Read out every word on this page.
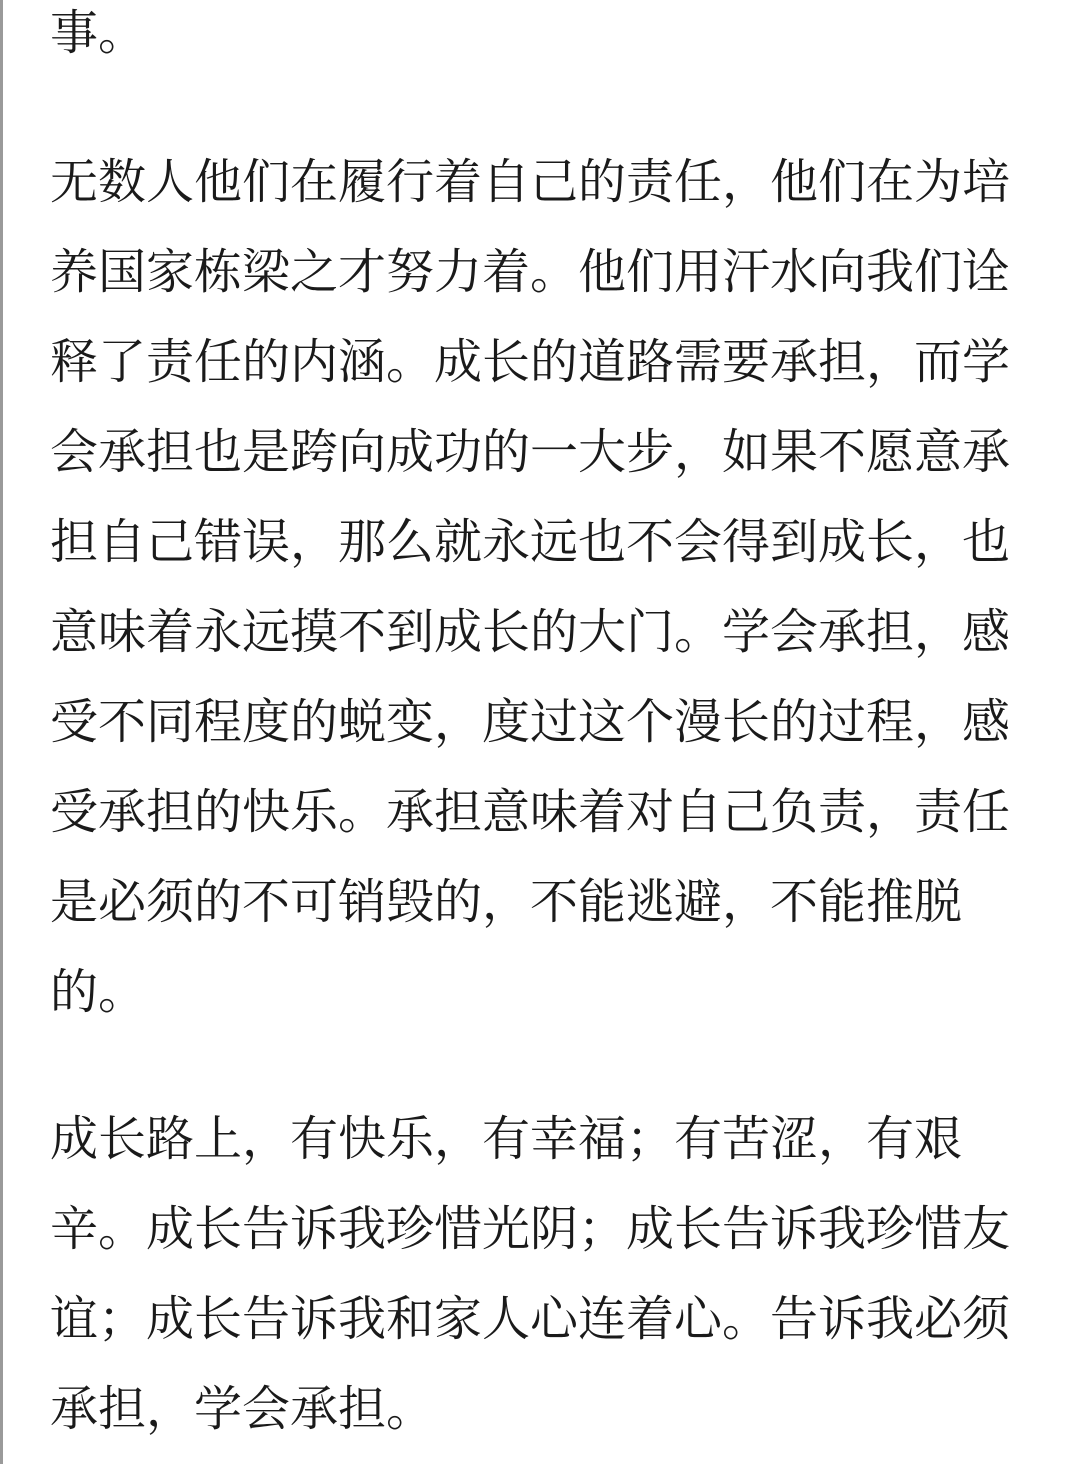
事。

无数人他们在履行着自己的责任，他们在为培养国家栋梁之才努力着。他们用汗水向我们诠释了责任的内涵。成长的道路需要承担，而学会承担也是跨向成功的一大步，如果不愿意承担自己错误，那么就永远也不会得到成长，也意味着永远摸不到成长的大门。学会承担，感受不同程度的蜕变，度过这个漫长的过程，感受承担的快乐。承担意味着对自己负责，责任是必须的不可销毁的，不能逃避，不能推脱的。

成长路上，有快乐，有幸福；有苦涩，有艰辛。成长告诉我珍惜光阴；成长告诉我珍惜友谊；成长告诉我和家人心连着心。告诉我必须承担，学会承担。
